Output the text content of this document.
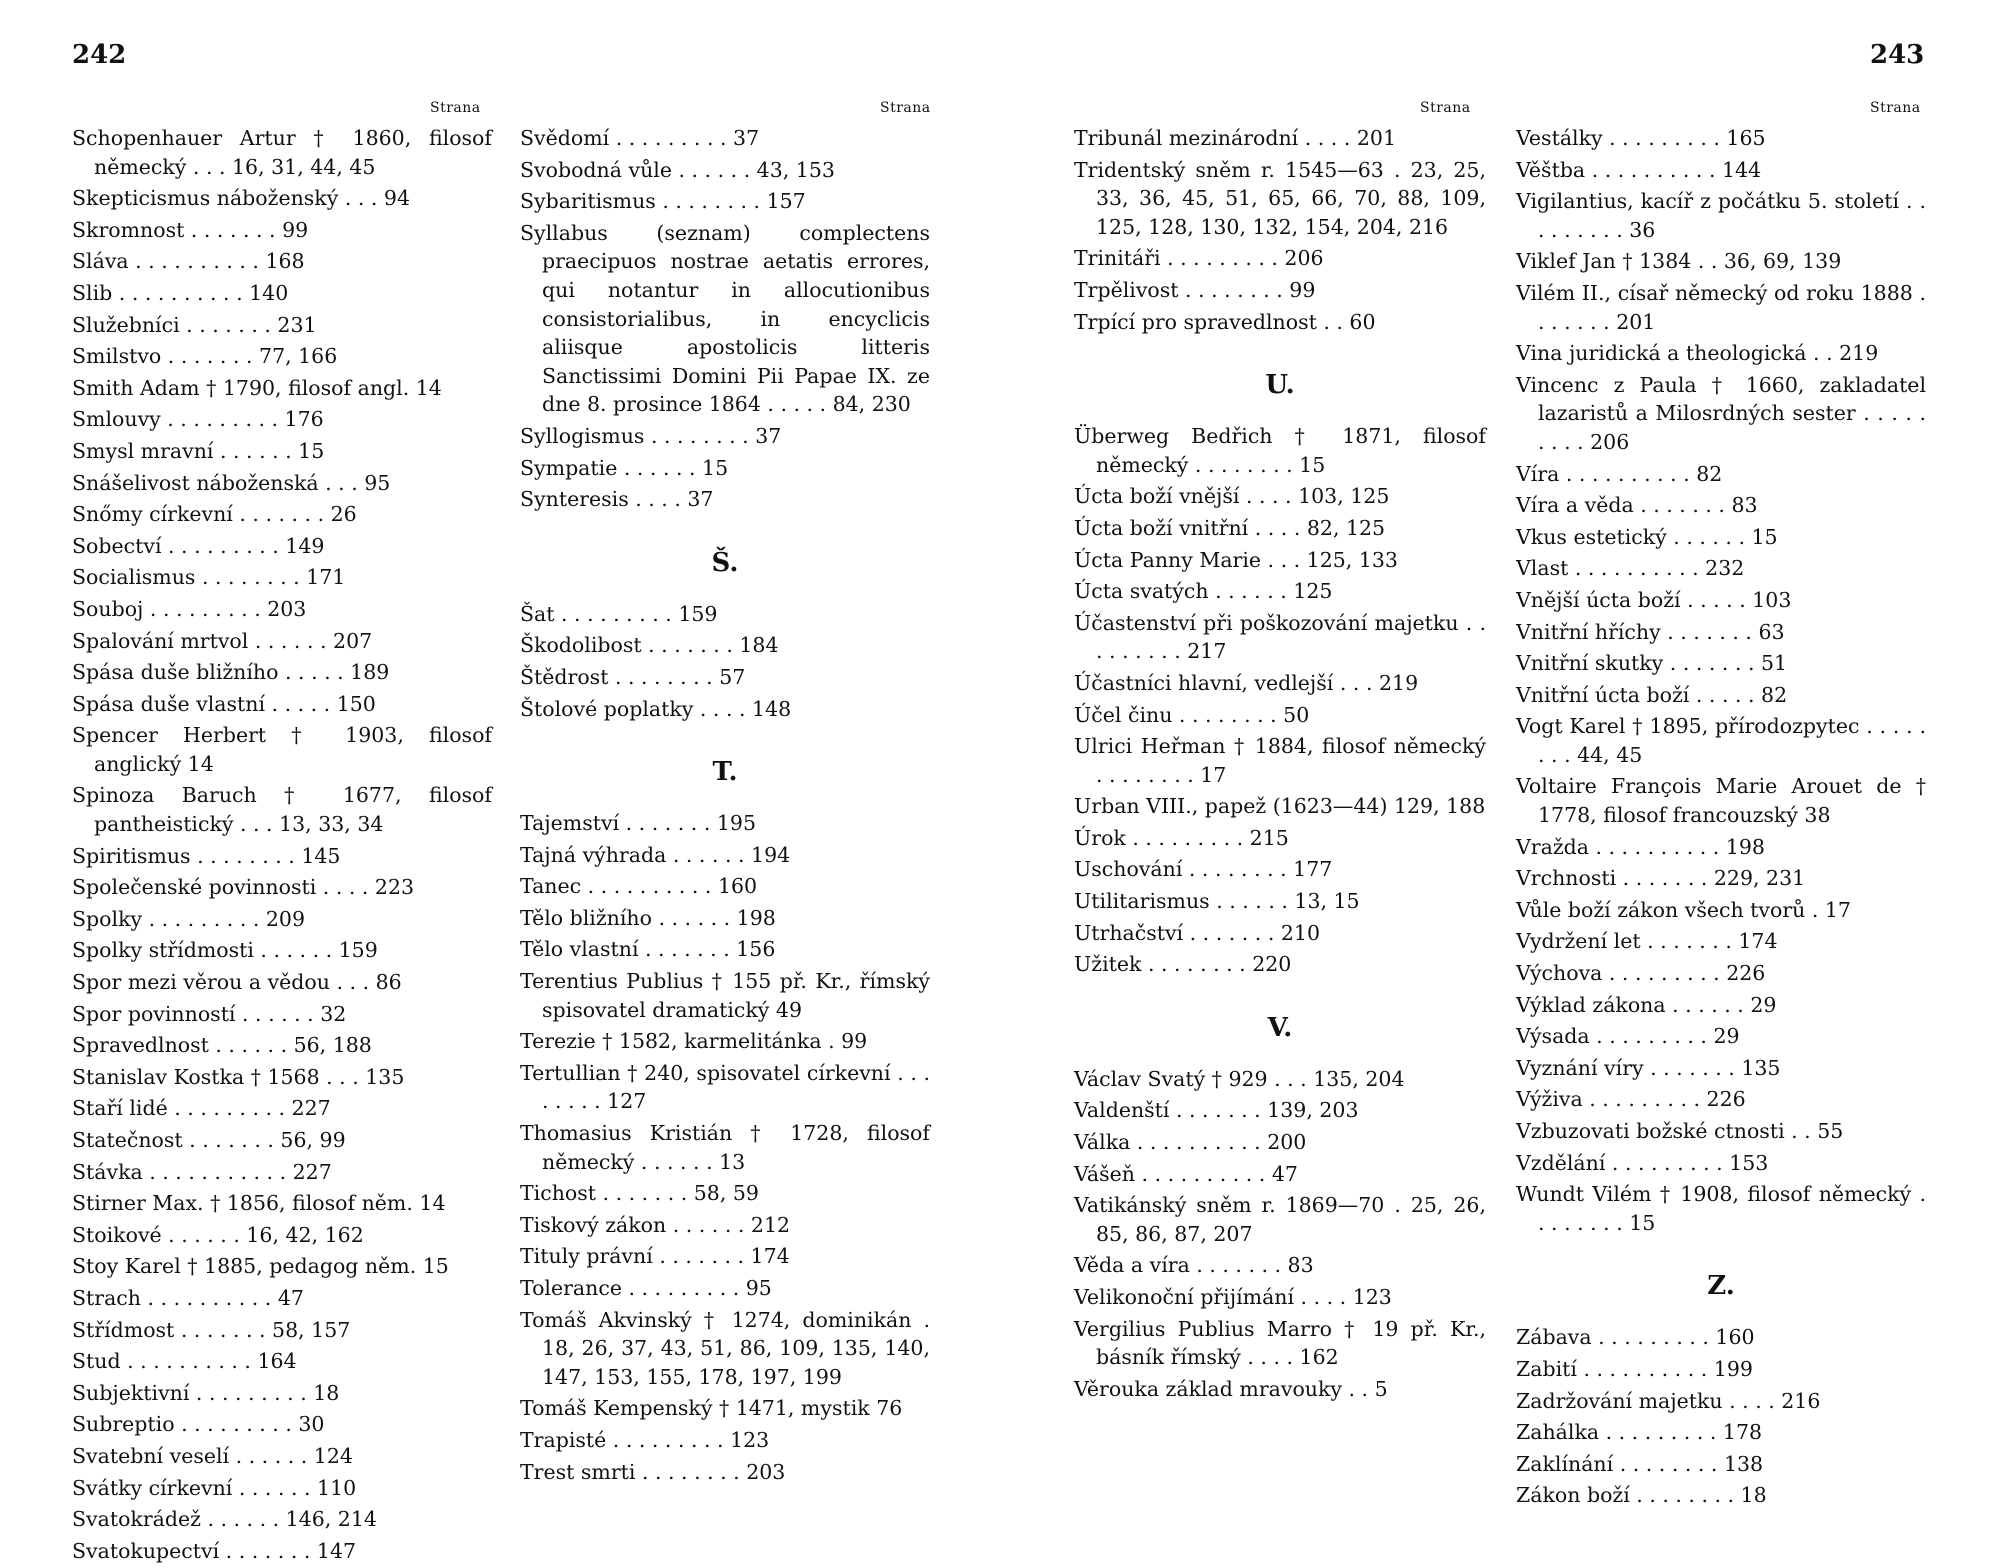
242	243
Strana	Strana	Strana	Strana
Schopenhauer Artur † 1860, filosof německý . . . 16, 31, 44, 45
Skepticismus náboženský . . . 94
Skromnost . . . . . . . 99
Sláva . . . . . . . . . . 168
Slib . . . . . . . . . . 140
Služebníci . . . . . . . 231
Smilstvo . . . . . . . 77, 166
Smith Adam † 1790, filosof angl. 14
Smlouvy . . . . . . . . . 176
Smysl mravní . . . . . . 15
Snášelivost náboženská . . . 95
Snőmy církevní . . . . . . . 26
Sobectví . . . . . . . . . 149
Socialismus . . . . . . . . 171
Souboj . . . . . . . . . 203
Spalování mrtvol . . . . . . 207
Spása duše bližního . . . . . 189
Spása duše vlastní . . . . . 150
Spencer Herbert † 1903, filosof anglický 14
Spinoza Baruch † 1677, filosof pantheistický . . . 13, 33, 34
Spiritismus . . . . . . . . 145
Společenské povinnosti . . . . 223
Spolky . . . . . . . . . 209
Spolky střídmosti . . . . . . 159
Spor mezi věrou a vědou . . . 86
Spor povinností . . . . . . 32
Spravedlnost . . . . . . 56, 188
Stanislav Kostka † 1568 . . . 135
Staří lidé . . . . . . . . . 227
Statečnost . . . . . . . 56, 99
Stávka . . . . . . . . . . . 227
Stirner Max. † 1856, filosof něm. 14
Stoikové . . . . . . 16, 42, 162
Stoy Karel † 1885, pedagog něm. 15
Strach . . . . . . . . . . 47
Střídmost . . . . . . . 58, 157
Stud . . . . . . . . . . 164
Subjektivní . . . . . . . . . 18
Subreptio . . . . . . . . . 30
Svatební veselí . . . . . . 124
Svátky církevní . . . . . . 110
Svatokrádež . . . . . . 146, 214
Svatokupectví . . . . . . . 147
Svědomí . . . . . . . . . 37
Svobodná vůle . . . . . . 43, 153
Sybaritismus . . . . . . . . 157
Syllabus (seznam) complectens praecipuos nostrae aetatis errores, qui notantur in allocutionibus consistorialibus, in encyclicis aliisque apostolicis litteris Sanctissimi Domini Pii Papae IX. ze dne 8. prosince 1864 . . . . . 84, 230
Syllogismus . . . . . . . . 37
Sympatie . . . . . . 15
Synteresis . . . . 37
Š.
Šat . . . . . . . . . 159
Škodolibost . . . . . . . 184
Štědrost . . . . . . . . 57
Štolové poplatky . . . . 148
T.
Tajemství . . . . . . . 195
Tajná výhrada . . . . . . 194
Tanec . . . . . . . . . . 160
Tělo bližního . . . . . . 198
Tělo vlastní . . . . . . . 156
Terentius Publius † 155 př. Kr., římský spisovatel dramatický 49
Terezie † 1582, karmelitánka . 99
Tertullian † 240, spisovatel církevní . . . . . . . . 127
Thomasius Kristián † 1728, filosof německý . . . . . . 13
Tichost . . . . . . . 58, 59
Tiskový zákon . . . . . . 212
Tituly právní . . . . . . . 174
Tolerance . . . . . . . . . 95
Tomáš Akvinský † 1274, dominikán . 18, 26, 37, 43, 51, 86, 109, 135, 140, 147, 153, 155, 178, 197, 199
Tomáš Kempenský † 1471, mystik 76
Trapisté . . . . . . . . . 123
Trest smrti . . . . . . . . 203
Tribunál mezinárodní . . . . 201
Tridentský sněm r. 1545—63 . 23, 25, 33, 36, 45, 51, 65, 66, 70, 88, 109, 125, 128, 130, 132, 154, 204, 216
Trinitáři . . . . . . . . . 206
Trpělivost . . . . . . . . 99
Trpící pro spravedlnost . . 60
U.
Überweg Bedřich † 1871, filosof německý . . . . . . . . 15
Úcta boží vnější . . . . 103, 125
Úcta boží vnitřní . . . . 82, 125
Úcta Panny Marie . . . 125, 133
Úcta svatých . . . . . . 125
Účastenství při poškozování majetku . . . . . . . . . 217
Účastníci hlavní, vedlejší . . . 219
Účel činu . . . . . . . . 50
Ulrici Heřman † 1884, filosof německý . . . . . . . . 17
Urban VIII., papež (1623—44) 129, 188
Úrok . . . . . . . . . 215
Uschování . . . . . . . . 177
Utilitarismus . . . . . . 13, 15
Utrhačství . . . . . . . 210
Užitek . . . . . . . . 220
V.
Václav Svatý † 929 . . . 135, 204
Valdenští . . . . . . . 139, 203
Válka . . . . . . . . . . 200
Vášeň . . . . . . . . . . 47
Vatikánský sněm r. 1869—70 . 25, 26, 85, 86, 87, 207
Věda a víra . . . . . . . 83
Velikonoční přijímání . . . . 123
Vergilius Publius Marro † 19 př. Kr., básník římský . . . . 162
Věrouka základ mravouky . . 5
Vestálky . . . . . . . . . 165
Věštba . . . . . . . . . . 144
Vigilantius, kacíř z počátku 5. století . . . . . . . . . 36
Viklef Jan † 1384 . . 36, 69, 139
Vilém II., císař německý od roku 1888 . . . . . . . 201
Vina juridická a theologická . . 219
Vincenc z Paula † 1660, zakladatel lazaristů a Milosrdných sester . . . . . . . . . 206
Víra . . . . . . . . . . 82
Víra a věda . . . . . . . 83
Vkus estetický . . . . . . 15
Vlast . . . . . . . . . . 232
Vnější úcta boží . . . . . 103
Vnitřní hříchy . . . . . . . 63
Vnitřní skutky . . . . . . . 51
Vnitřní úcta boží . . . . . 82
Vogt Karel † 1895, přírodozpytec . . . . . . . . 44, 45
Voltaire François Marie Arouet de † 1778, filosof francouzský 38
Vražda . . . . . . . . . . 198
Vrchnosti . . . . . . . 229, 231
Vůle boží zákon všech tvorů . 17
Vydržení let . . . . . . . 174
Výchova . . . . . . . . . 226
Výklad zákona . . . . . . 29
Výsada . . . . . . . . . 29
Vyznání víry . . . . . . . 135
Výživa . . . . . . . . . 226
Vzbuzovati božské ctnosti . . 55
Vzdělání . . . . . . . . . 153
Wundt Vilém † 1908, filosof německý . . . . . . . . 15
Z.
Zábava . . . . . . . . . 160
Zabití . . . . . . . . . . 199
Zadržování majetku . . . . 216
Zahálka . . . . . . . . . 178
Zaklínání . . . . . . . . 138
Zákon boží . . . . . . . . 18
